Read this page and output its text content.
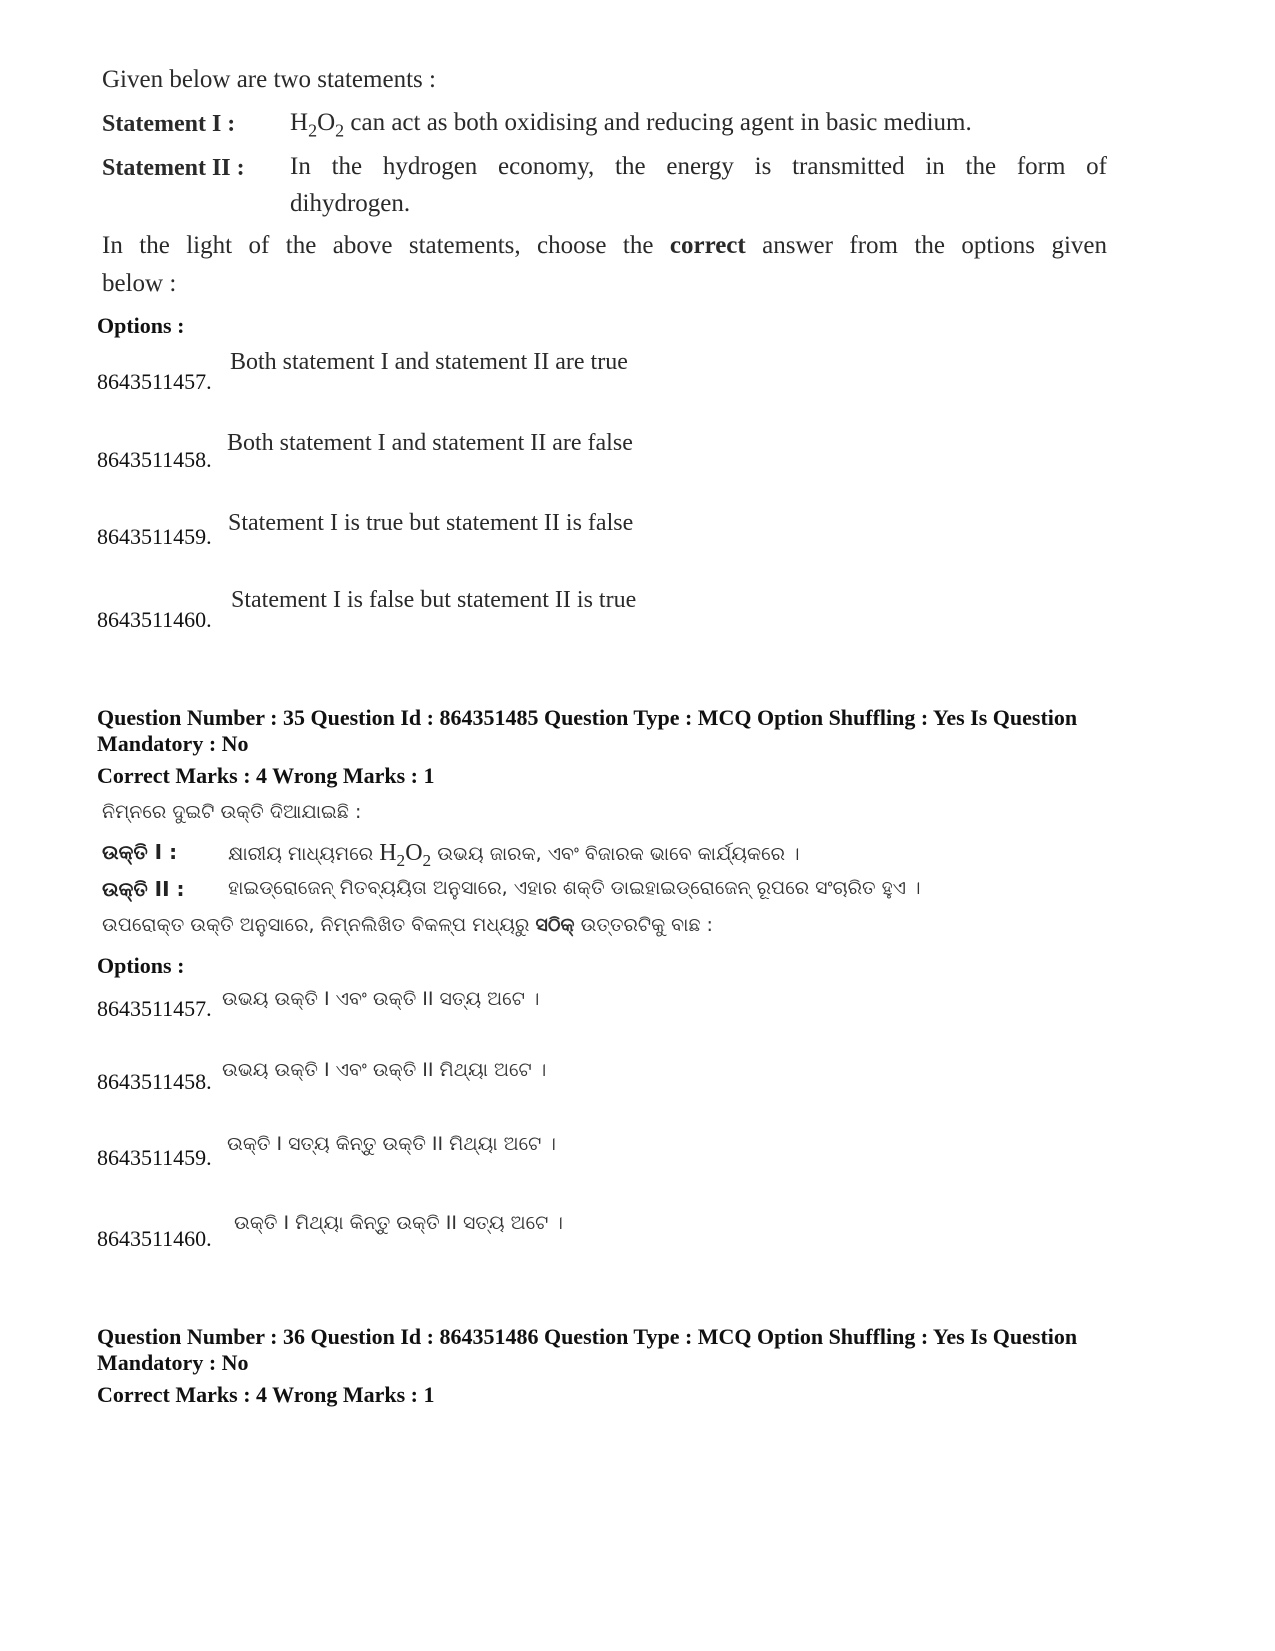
Given below are two statements :
Statement I : $H_2O_2$ can act as both oxidising and reducing agent in basic medium.
Statement II : In the hydrogen economy, the energy is transmitted in the form of
dihydrogen.
In the light of the above statements, choose the correct answer from the options given
below :
Options :
8643511457.
Both statement I and statement II are true
8643511458.
Both statement I and statement II are false
8643511459.
Statement I is true but statement II is false
8643511460.
Statement I is false but statement II is true
Question Number : 35 Question Id : 864351485 Question Type : MCQ Option Shuffling : Yes Is Question
Mandatory : No
Correct Marks : 4 Wrong Marks : 1
ନିମ୍ନରେ ଦୁଇଟି ଉକ୍ତି ଦିଆଯାଇଛି :
ଉକ୍ତି I :	କ୍ଷାରୀୟ ମାଧ୍ୟମରେ $H_2O_2$ ଉଭୟ ଜାରକ, ଏବଂ ବିଜାରକ ଭାବେ କାର୍ଯ୍ୟକରେ ।
ଉକ୍ତି II : ହାଇଡ୍ରୋଜେନ୍ ମିତବ୍ୟୟିତା ଅନୁସାରେ, ଏହାର ଶକ୍ତି ଡାଇହାଇଡ୍ରୋଜେନ୍ ରୂପରେ ସଂଚାରିତ ହୁଏ ।
ଉପରୋକ୍ତ ଉକ୍ତି ଅନୁସାରେ, ନିମ୍ନଲିଖିତ ବିକଳ୍ପ ମଧ୍ୟରୁ ସଠିକ୍ ଉତ୍ତରଟିକୁ ବାଛ :
Options :
8643511457. ଉଭୟ ଉକ୍ତି I ଏବଂ ଉକ୍ତି II ସତ୍ୟ ଅଟେ ।
8643511458. ଉଭୟ ଉକ୍ତି I ଏବଂ ଉକ୍ତି II ମିଥ୍ୟା ଅଟେ ।
8643511459.
ଉକ୍ତି I ସତ୍ୟ କିନ୍ତୁ ଉକ୍ତି II ମିଥ୍ୟା ଅଟେ ।
8643511460.
ଉକ୍ତି I ମିଥ୍ୟା କିନ୍ତୁ ଉକ୍ତି II ସତ୍ୟ ଅଟେ ।
Question Number : 36 Question Id : 864351486 Question Type : MCQ Option Shuffling : Yes Is Question
Mandatory : No
Correct Marks : 4 Wrong Marks : 1
